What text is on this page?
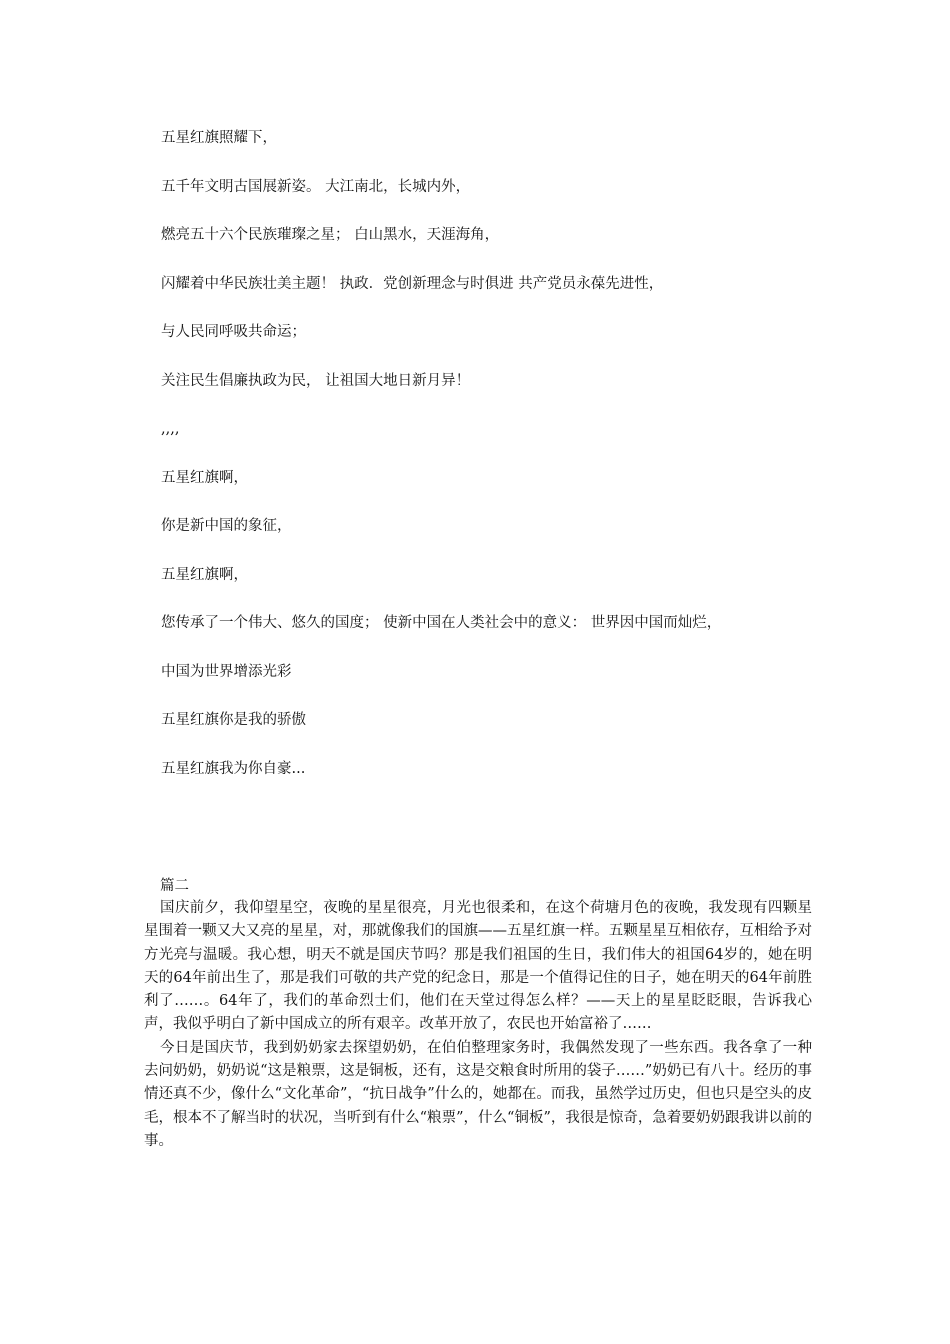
五星红旗照耀下，

五千年文明古国展新姿。 大江南北，长城内外，

燃亮五十六个民族璀璨之星； 白山黑水，天涯海角，

闪耀着中华民族壮美主题！ 执政．党创新理念与时俱进 共产党员永葆先进性，

与人民同呼吸共命运；

关注民生倡廉执政为民， 让祖国大地日新月异！

,,,,

五星红旗啊，

你是新中国的象征，

五星红旗啊，

您传承了一个伟大、悠久的国度； 使新中国在人类社会中的意义： 世界因中国而灿烂，

中国为世界增添光彩

五星红旗你是我的骄傲

五星红旗我为你自豪...

篇二

国庆前夕，我仰望星空，夜晚的星星很亮，月光也很柔和，在这个荷塘月色的夜晚，我发现有四颗星星围着一颗又大又亮的星星，对，那就像我们的国旗——五星红旗一样。五颗星星互相依存，互相给予对方光亮与温暖。我心想，明天不就是国庆节吗？那是我们祖国的生日，我们伟大的祖国64岁的，她在明天的64年前出生了，那是我们可敬的共产党的纪念日，那是一个值得记住的日子，她在明天的64年前胜利了……。64年了，我们的革命烈士们，他们在天堂过得怎么样？——天上的星星眨眨眼，告诉我心声，我似乎明白了新中国成立的所有艰辛。改革开放了，农民也开始富裕了……

今日是国庆节，我到奶奶家去探望奶奶，在伯伯整理家务时，我偶然发现了一些东西。我各拿了一种去问奶奶，奶奶说“这是粮票，这是铜板，还有，这是交粮食时所用的袋子……”奶奶已有八十。经历的事情还真不少，像什么“文化革命”，“抗日战争”什么的，她都在。而我，虽然学过历史，但也只是空头的皮毛，根本不了解当时的状况，当听到有什么“粮票”，什么“铜板”，我很是惊奇，急着要奶奶跟我讲以前的事。
